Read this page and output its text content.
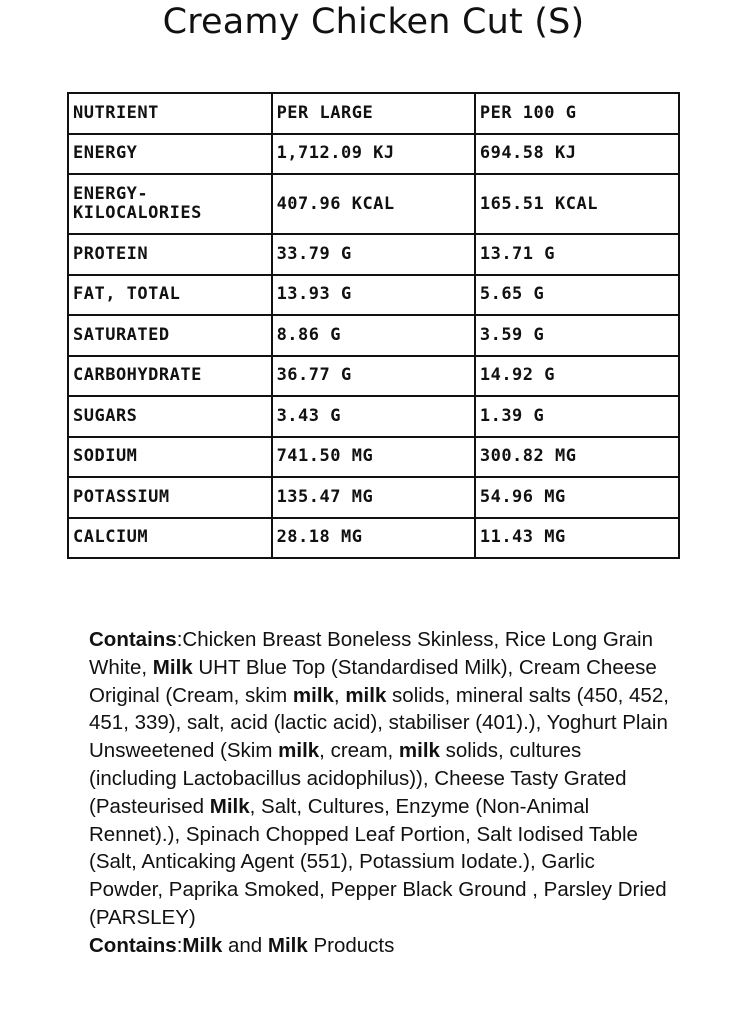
Creamy Chicken Cut (S)
NUTRIENT	PER LARGE	PER 100 G
ENERGY	1,712.09 KJ	694.58 KJ
ENERGY-
KILOCALORIES	407.96 KCAL	165.51 KCAL
PROTEIN	33.79 G	13.71 G
FAT, TOTAL	13.93 G	5.65 G
SATURATED	8.86 G	3.59 G
CARBOHYDRATE	36.77 G	14.92 G
SUGARS	3.43 G	1.39 G
SODIUM	741.50 MG	300.82 MG
POTASSIUM	135.47 MG	54.96 MG
CALCIUM	28.18 MG	11.43 MG
Contains:Chicken Breast Boneless Skinless, Rice Long Grain White, Milk UHT Blue Top (Standardised Milk), Cream Cheese Original (Cream, skim milk, milk solids, mineral salts (450, 452, 451, 339), salt, acid (lactic acid), stabiliser (401).), Yoghurt Plain Unsweetened (Skim milk, cream, milk solids, cultures (including Lactobacillus acidophilus)), Cheese Tasty Grated (Pasteurised Milk, Salt, Cultures, Enzyme (Non-Animal Rennet).), Spinach Chopped Leaf Portion, Salt Iodised Table (Salt, Anticaking Agent (551), Potassium Iodate.), Garlic Powder, Paprika Smoked, Pepper Black Ground , Parsley Dried (PARSLEY)
Contains:Milk and Milk Products
